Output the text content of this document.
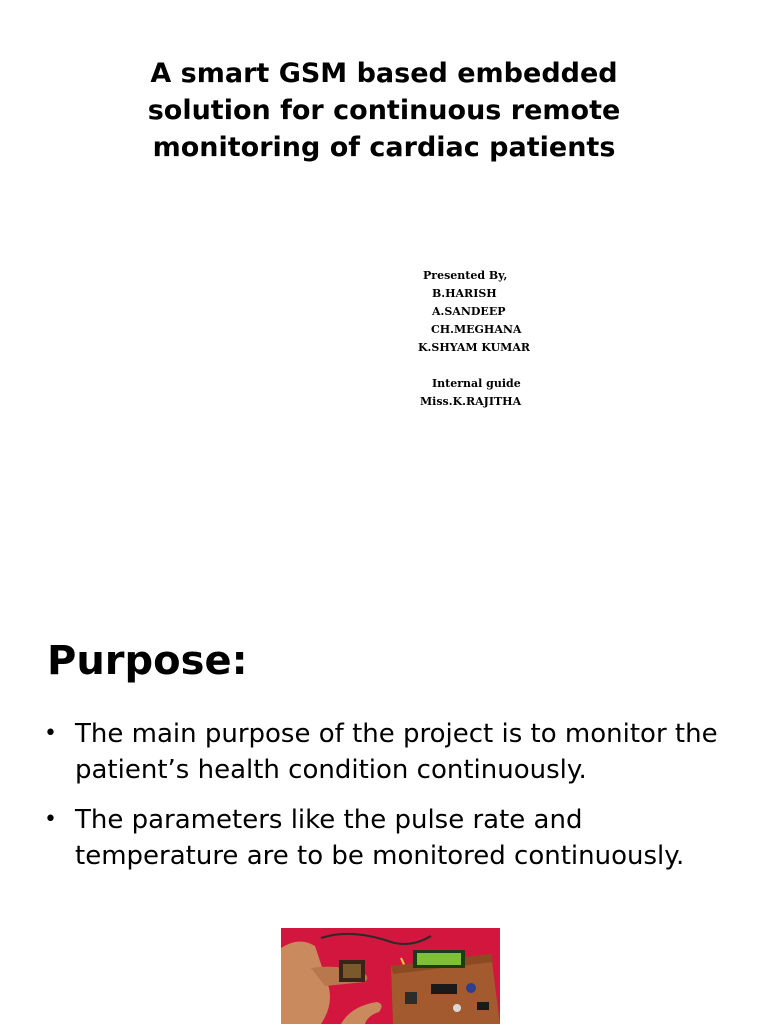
A smart GSM based embedded
solution for continuous remote
monitoring of cardiac patients
Presented By,
B.HARISH
A.SANDEEP
CH.MEGHANA
K.SHYAM KUMAR
Internal guide
Miss.K.RAJITHA
Purpose:
• The main purpose of the project is to monitor the patient’s health condition continuously.
• The parameters like the pulse rate and temperature are to be monitored continuously.
